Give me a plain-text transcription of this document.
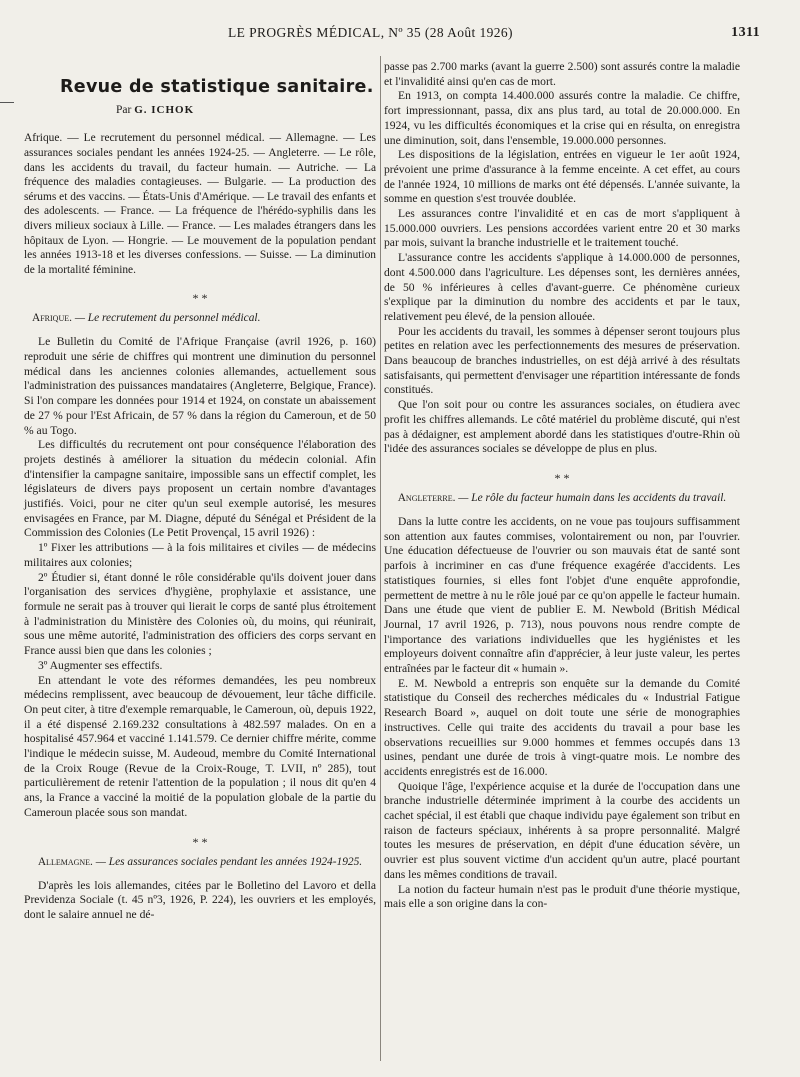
LE PROGRÈS MÉDICAL, Nº 35 (28 Août 1926)	1311
Revue de statistique sanitaire.
Par G. ICHOK

Afrique. — Le recrutement du personnel médical. — Allemagne. — Les assurances sociales pendant les années 1924-25. — Angleterre. — Le rôle, dans les accidents du travail, du facteur humain. — Autriche. — La fréquence des maladies contagieuses. — Bulgarie. — La production des sérums et des vaccins. — États-Unis d'Amérique. — Le travail des enfants et des adolescents. — France. — La fréquence de l'hérédo-syphilis dans les divers milieux sociaux à Lille. — France. — Les malades étrangers dans les hôpitaux de Lyon. — Hongrie. — Le mouvement de la population pendant les années 1913-18 et les diverses confessions. — Suisse. — La diminution de la mortalité féminine.

* *
Afrique. — Le recrutement du personnel médical.

Le Bulletin du Comité de l'Afrique Française (avril 1926, p. 160) reproduit une série de chiffres qui montrent une diminution du personnel médical dans les anciennes colonies allemandes, actuellement sous l'administration des puissances mandataires (Angleterre, Belgique, France). Si l'on compare les données pour 1914 et 1924, on constate un abaissement de 27 % pour l'Est Africain, de 57 % dans la région du Cameroun, et de 50 % au Togo.

Les difficultés du recrutement ont pour conséquence l'élaboration des projets destinés à améliorer la situation du médecin colonial. Afin d'intensifier la campagne sanitaire, impossible sans un effectif complet, les législateurs de divers pays proposent un certain nombre d'avantages justifiés. Voici, pour ne citer qu'un seul exemple autorisé, les mesures envisagées en France, par M. Diagne, député du Sénégal et Président de la Commission des Colonies (Le Petit Provençal, 15 avril 1926) :

1º Fixer les attributions — à la fois militaires et civiles — de médecins militaires aux colonies;

2º Étudier si, étant donné le rôle considérable qu'ils doivent jouer dans l'organisation des services d'hygiène, prophylaxie et assistance, une formule ne serait pas à trouver qui lierait le corps de santé plus étroitement à l'administration du Ministère des Colonies où, du moins, qui réunirait, sous une même autorité, l'administration des officiers des corps servant en France aussi bien que dans les colonies ;

3º Augmenter ses effectifs.

En attendant le vote des réformes demandées, les peu nombreux médecins remplissent, avec beaucoup de dévouement, leur tâche difficile. On peut citer, à titre d'exemple remarquable, le Cameroun, où, depuis 1922, il a été dispensé 2.169.232 consultations à 482.597 malades. On en a hospitalisé 457.964 et vacciné 1.141.579. Ce dernier chiffre mérite, comme l'indique le médecin suisse, M. Audeoud, membre du Comité International de la Croix Rouge (Revue de la Croix-Rouge, T. LVII, nº 285), tout particulièrement de retenir l'attention de la population ; il nous dit qu'en 4 ans, la France a vacciné la moitié de la population globale de la partie du Cameroun placée sous son mandat.

* *
Allemagne. — Les assurances sociales pendant les années 1924-1925.

D'après les lois allemandes, citées par le Bolletino del Lavoro et della Previdenza Sociale (t. 45 nº3, 1926, P. 224), les ouvriers et les employés, dont le salaire annuel ne dé-

passe pas 2.700 marks (avant la guerre 2.500) sont assurés contre la maladie et l'invalidité ainsi qu'en cas de mort.

En 1913, on compta 14.400.000 assurés contre la maladie. Ce chiffre, fort impressionnant, passa, dix ans plus tard, au total de 20.000.000. En 1924, vu les difficultés économiques et la crise qui en résulta, on enregistra une diminution, soit, dans l'ensemble, 19.000.000 personnes.

Les dispositions de la législation, entrées en vigueur le 1er août 1924, prévoient une prime d'assurance à la femme enceinte. A cet effet, au cours de l'année 1924, 10 millions de marks ont été dépensés. L'année suivante, la somme en question s'est trouvée doublée.

Les assurances contre l'invalidité et en cas de mort s'appliquent à 15.000.000 ouvriers. Les pensions accordées varient entre 20 et 30 marks par mois, suivant la branche industrielle et le traitement touché.

L'assurance contre les accidents s'applique à 14.000.000 de personnes, dont 4.500.000 dans l'agriculture. Les dépenses sont, les dernières années, de 50 % inférieures à celles d'avant-guerre. Ce phénomène curieux s'explique par la diminution du nombre des accidents et par le taux, relativement peu élevé, de la pension allouée.

Pour les accidents du travail, les sommes à dépenser seront toujours plus petites en relation avec les perfectionnements des mesures de préservation. Dans beaucoup de branches industrielles, on est déjà arrivé à des résultats satisfaisants, qui permettent d'envisager une répartition intéressante de fonds constitués.

Que l'on soit pour ou contre les assurances sociales, on étudiera avec profit les chiffres allemands. Le côté matériel du problème discuté, qui n'est pas à dédaigner, est amplement abordé dans les statistiques d'outre-Rhin où l'idée des assurances sociales se développe de plus en plus.

* *
Angleterre. — Le rôle du facteur humain dans les accidents du travail.

Dans la lutte contre les accidents, on ne voue pas toujours suffisamment son attention aux fautes commises, volontairement ou non, par l'ouvrier. Une éducation défectueuse de l'ouvrier ou son mauvais état de santé sont parfois à incriminer en cas d'une fréquence exagérée d'accidents. Les statistiques fournies, si elles font l'objet d'une enquête approfondie, permettent de mettre à nu le rôle joué par ce qu'on appelle le facteur humain. Dans une étude que vient de publier E. M. Newbold (British Médical Journal, 17 avril 1926, p. 713), nous pouvons nous rendre compte de l'importance des variations individuelles que les hygiénistes et les employeurs doivent connaître afin d'apprécier, à leur juste valeur, les pertes entraînées par le facteur dit « humain ».

E. M. Newbold a entrepris son enquête sur la demande du Comité statistique du Conseil des recherches médicales du « Industrial Fatigue Research Board », auquel on doit toute une série de monographies instructives. Celle qui traite des accidents du travail a pour base les observations recueillies sur 9.000 hommes et femmes occupés dans 13 usines, pendant une durée de trois à vingt-quatre mois. Le nombre des accidents enregistrés est de 16.000.

Quoique l'âge, l'expérience acquise et la durée de l'occupation dans une branche industrielle déterminée impriment à la courbe des accidents un cachet spécial, il est établi que chaque individu paye également son tribut en raison de facteurs spéciaux, inhérents à sa propre personnalité. Malgré toutes les mesures de préservation, en dépit d'une éducation sévère, un ouvrier est plus souvent victime d'un accident qu'un autre, placé pourtant dans les mêmes conditions de travail.

La notion du facteur humain n'est pas le produit d'une théorie mystique, mais elle a son origine dans la con-
